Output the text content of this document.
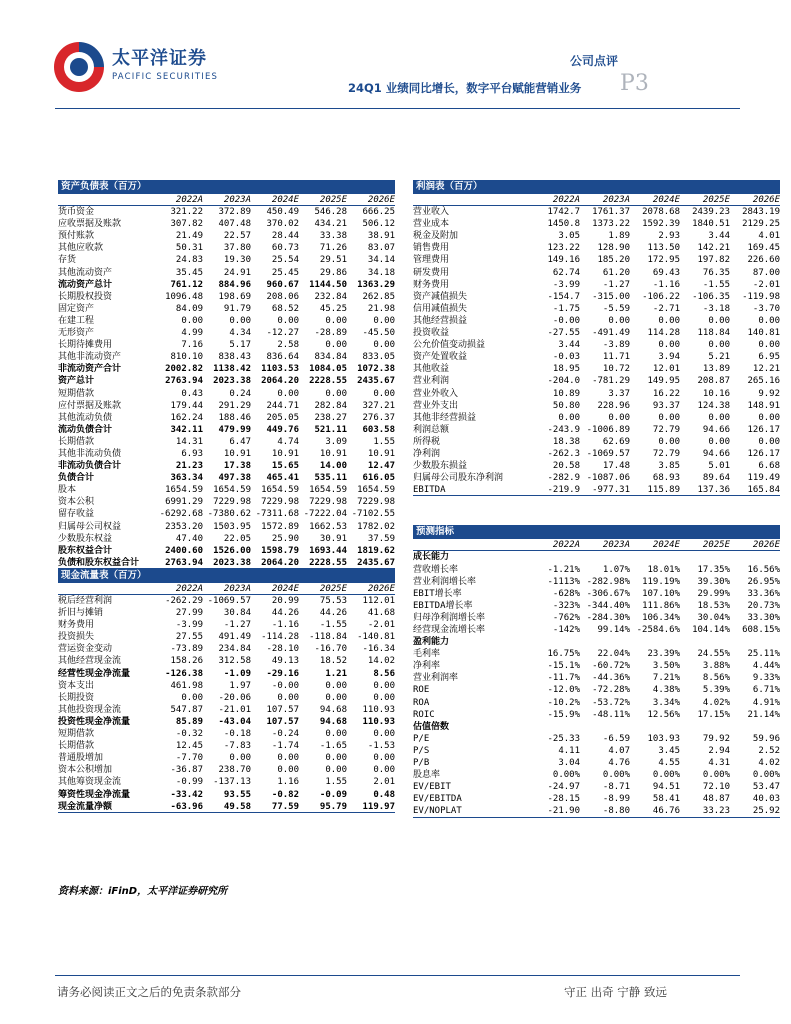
太平洋证券
PACIFIC SECURITIES
公司点评
24Q1 业绩同比增长，数字平台赋能营销业务 P3
资产负债表（百万）
2022A	2023A	2024E	2025E	2026E
货币资金	321.22	372.89	450.49	546.28	666.25
应收票据及账款	307.82	407.48	370.02	434.21	506.12
预付账款	21.49	22.57	28.44	33.38	38.91
其他应收款	50.31	37.80	60.73	71.26	83.07
存货	24.83	19.30	25.54	29.51	34.14
其他流动资产	35.45	24.91	25.45	29.86	34.18
流动资产总计	761.12	884.96	960.67	1144.50	1363.29
长期股权投资	1096.48	198.69	208.06	232.84	262.85
固定资产	84.09	91.79	68.52	45.25	21.98
在建工程	0.00	0.00	0.00	0.00	0.00
无形资产	4.99	4.34	-12.27	-28.89	-45.50
长期待摊费用	7.16	5.17	2.58	0.00	0.00
其他非流动资产	810.10	838.43	836.64	834.84	833.05
非流动资产合计	2002.82	1138.42	1103.53	1084.05	1072.38
资产总计	2763.94	2023.38	2064.20	2228.55	2435.67
短期借款	0.43	0.24	0.00	0.00	0.00
应付票据及账款	179.44	291.29	244.71	282.84	327.21
其他流动负债	162.24	188.46	205.05	238.27	276.37
流动负债合计	342.11	479.99	449.76	521.11	603.58
长期借款	14.31	6.47	4.74	3.09	1.55
其他非流动负债	6.93	10.91	10.91	10.91	10.91
非流动负债合计	21.23	17.38	15.65	14.00	12.47
负债合计	363.34	497.38	465.41	535.11	616.05
股本	1654.59	1654.59	1654.59	1654.59	1654.59
资本公积	6991.29	7229.98	7229.98	7229.98	7229.98
留存收益	-6292.68 -7380.62 -7311.68 -7222.04 -7102.55
归属母公司权益	2353.20	1503.95	1572.89	1662.53	1782.02
少数股东权益	47.40	22.05	25.90	30.91	37.59
股东权益合计	2400.60	1526.00	1598.79	1693.44	1819.62
负债和股东权益合计	2763.94	2023.38	2064.20	2228.55	2435.67
现金流量表（百万）
2022A	2023A	2024E	2025E	2026E
税后经营利润	-262.29 -1069.57	20.99	75.53	112.01
折旧与摊销	27.99	30.84	44.26	44.26	41.68
财务费用	-3.99	-1.27	-1.16	-1.55	-2.01
投资损失	27.55	491.49	-114.28	-118.84	-140.81
营运资金变动	-73.89	234.84	-28.10	-16.70	-16.34
其他经营现金流	158.26	312.58	49.13	18.52	14.02
经营性现金净流量	-126.38	-1.09	-29.16	1.21	8.56
资本支出	461.98	1.97	-0.00	0.00	0.00
长期投资	0.00	-20.06	0.00	0.00	0.00
其他投资现金流	547.87	-21.01	107.57	94.68	110.93
投资性现金净流量	85.89	-43.04	107.57	94.68	110.93
短期借款	-0.32	-0.18	-0.24	0.00	0.00
长期借款	12.45	-7.83	-1.74	-1.65	-1.53
普通股增加	-7.70	0.00	0.00	0.00	0.00
资本公积增加	-36.87	238.70	0.00	0.00	0.00
其他筹资现金流	-0.99	-137.13	1.16	1.55	2.01
筹资性现金净流量	-33.42	93.55	-0.82	-0.09	0.48
现金流量净额	-63.96	49.58	77.59	95.79	119.97
利润表（百万）
2022A	2023A	2024E	2025E	2026E
营业收入	1742.7	1761.37	2078.68	2439.23	2843.19
营业成本	1450.8	1373.22	1592.39	1840.51	2129.25
税金及附加	3.05	1.89	2.93	3.44	4.01
销售费用	123.22	128.90	113.50	142.21	169.45
管理费用	149.16	185.20	172.95	197.82	226.60
研发费用	62.74	61.20	69.43	76.35	87.00
财务费用	-3.99	-1.27	-1.16	-1.55	-2.01
资产减值损失	-154.7	-315.00	-106.22	-106.35	-119.98
信用减值损失	-1.75	-5.59	-2.71	-3.18	-3.70
其他经营损益	-0.00	0.00	0.00	0.00	0.00
投资收益	-27.55	-491.49	114.28	118.84	140.81
公允价值变动损益	3.44	-3.89	0.00	0.00	0.00
资产处置收益	-0.03	11.71	3.94	5.21	6.95
其他收益	18.95	10.72	12.01	13.89	12.21
营业利润	-204.0	-781.29	149.95	208.87	265.16
营业外收入	10.89	3.37	16.22	10.16	9.92
营业外支出	50.80	228.96	93.37	124.38	148.91
其他非经营损益	0.00	0.00	0.00	0.00	0.00
利润总额	-243.9 -1006.89	72.79	94.66	126.17
所得税	18.38	62.69	0.00	0.00	0.00
净利润	-262.3 -1069.57	72.79	94.66	126.17
少数股东损益	20.58	17.48	3.85	5.01	6.68
归属母公司股东净利润	-282.9 -1087.06	68.93	89.64	119.49
EBITDA	-219.9	-977.31	115.89	137.36	165.84
预测指标
2022A	2023A	2024E	2025E	2026E
成长能力
营收增长率	-1.21%	1.07%	18.01%	17.35%	16.56%
营业利润增长率	-1113% -282.98%	119.19%	39.30%	26.95%
EBIT增长率	-628% -306.67%	107.10%	29.99%	33.36%
EBITDA增长率	-323% -344.40%	111.86%	18.53%	20.73%
归母净利润增长率	-762% -284.30%	106.34%	30.04%	33.30%
经营现金流增长率	-142%	99.14% -2584.6%	104.14%	608.15%
盈利能力
毛利率	16.75%	22.04%	23.39%	24.55%	25.11%
净利率	-15.1%	-60.72%	3.50%	3.88%	4.44%
营业利润率	-11.7%	-44.36%	7.21%	8.56%	9.33%
ROE	-12.0%	-72.28%	4.38%	5.39%	6.71%
ROA	-10.2%	-53.72%	3.34%	4.02%	4.91%
ROIC	-15.9%	-48.11%	12.56%	17.15%	21.14%
估值倍数
P/E	-25.33	-6.59	103.93	79.92	59.96
P/S	4.11	4.07	3.45	2.94	2.52
P/B	3.04	4.76	4.55	4.31	4.02
股息率	0.00%	0.00%	0.00%	0.00%	0.00%
EV/EBIT	-24.97	-8.71	94.51	72.10	53.47
EV/EBITDA	-28.15	-8.99	58.41	48.87	40.03
EV/NOPLAT	-21.90	-8.80	46.76	33.23	25.92
资料来源：iFinD，太平洋证券研究所
请务必阅读正文之后的免责条款部分	守正 出奇 宁静 致远
